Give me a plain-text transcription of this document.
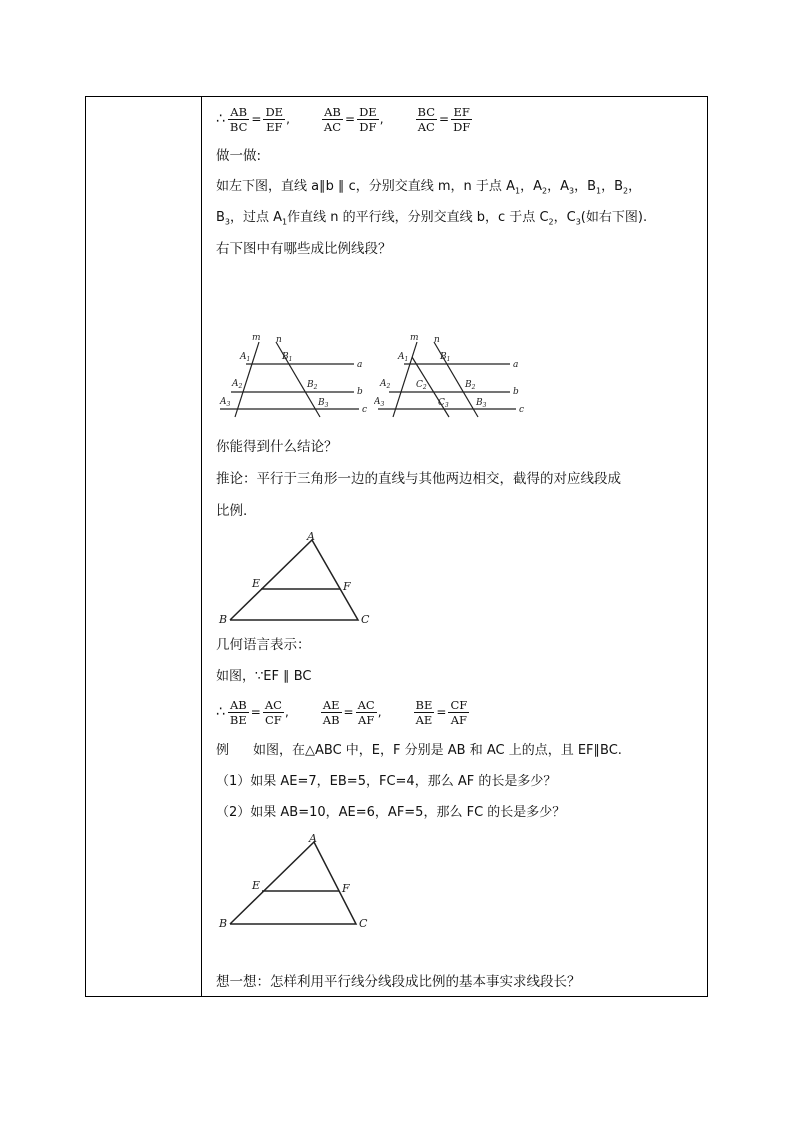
∴ $\frac{AB}{BC} = \frac{DE}{EF}$ ,	$\frac{AB}{AC} = \frac{DE}{DF}$ ,	$\frac{BC}{AC} = \frac{EF}{DF}$
做一做:
如左下图，直线 a∥b ∥ c，分别交直线 m，n 于点 $A_1$，$A_2$，$A_3$，$B_1$，$B_2$，
$B_3$，过点 $A_1$作直线 n 的平行线，分别交直线 b，c 于点 $C_2$，$C_3$(如右下图).
右下图中有哪些成比例线段？
m n
a
b
c
$A_1$
$A_2$
$A_3$
$B_1$
$B_2$
$B_3$
m n
a
b
c
$A_1$
$A_2$
$A_3$
$B_1$
$C_2$	$B_2$
$C_3$	$B_3$
你能得到什么结论？
推论：平行于三角形一边的直线与其他两边相交，截得的对应线段成
比例.
A
B	C
E	F
几何语言表示：
如图，∵EF ∥ BC
∴ $\frac{AB}{BE} = \frac{AC}{CF}$ ,	$\frac{AE}{AB} = \frac{AC}{AF}$ ,	$\frac{BE}{AE} = \frac{CF}{AF}$
例 如图，在△ABC 中，E，F 分别是 AB 和 AC 上的点，且 EF∥BC.
（1）如果 AE=7，EB=5，FC=4，那么 AF 的长是多少？
（2）如果 AB=10，AE=6，AF=5，那么 FC 的长是多少？
A
B	C
E	F
想一想：怎样利用平行线分线段成比例的基本事实求线段长？
